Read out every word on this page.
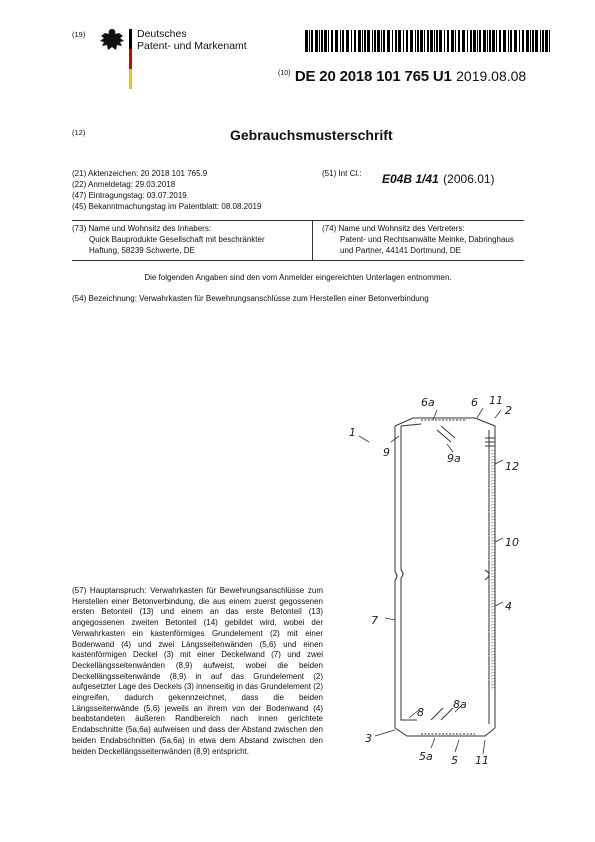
(19)	Deutsches
Patent- und Markenamt
$^{(10)}$ DE 20 2018 101 765 U1 2019.08.08
(12)	Gebrauchsmusterschrift
(21) Aktenzeichen: 20 2018 101 765.9
(22) Anmeldetag: 29.03.2018
(47) Eintragungstag: 03.07.2019
(45) Bekanntmachungstag im Patentblatt: 08.08.2019
(51) Int Cl.: E04B 1/41 (2006.01)
(73) Name und Wohnsitz des Inhabers:
Quick Bauprodukte Gesellschaft mit beschränkter
Haftung, 58239 Schwerte, DE
(74) Name und Wohnsitz des Vertreters:
Patent- und Rechtsanwälte Meinke, Dabringhaus
und Partner, 44141 Dortmund, DE
Die folgenden Angaben sind den vom Anmelder eingereichten Unterlagen entnommen.
(54) Bezeichnung: Verwahrkasten für Bewehrungsanschlüsse zum Herstellen einer Betonverbindung
(57) Hauptanspruch: Verwahrkasten für Bewehrungsanschlüsse zum Herstellen einer Betonverbindung, die aus einem zuerst gegossenen ersten Betonteil (13) und einem an das erste Betonteil (13) angegossenen zweiten Betonteil (14) gebildet wird, wobei der Verwahrkasten ein kastenförmiges Grundelement (2) mit einer Bodenwand (4) und zwei Längsseitenwänden (5,6) und einen kastenförmigen Deckel (3) mit einer Deckelwand (7) und zwei Deckellängsseitenwänden (8,9) aufweist, wobei die beiden Deckellängsseitenwände (8,9) in auf das Grundelement (2) aufgesetzter Lage des Deckels (3) innenseitig in das Grundelement (2) eingreifen, dadurch gekennzeichnet, dass die beiden Längsseitenwände (5,6) jeweils an ihrem von der Bodenwand (4) beabstandeten äußeren Randbereich nach innen gerichtete Endabschnitte (5a,6a) aufweisen und dass der Abstand zwischen den beiden Endabschnitten (5a,6a) in etwa dem Abstand zwischen den beiden Deckellängsseitenwänden (8,9) entspricht.
1
6a	6 11
2
9	9a
12
10
4
7
8
8a
3
5a 5 11
